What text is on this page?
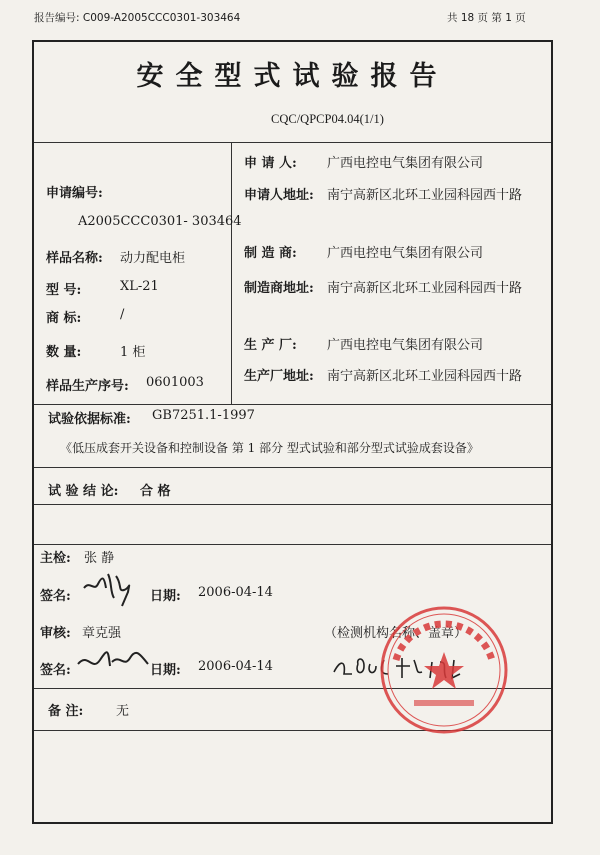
报告编号: C009-A2005CCC0301-303464	共 18 页 第 1 页
安全型式试验报告
CQC/QPCP04.04(1/1)
申请编号:
A2005CCC0301- 303464
样品名称: 动力配电柜
型 号:	XL-21
商 标:	/
数 量:	1 柜
样品生产序号: 0601003
申 请 人: 广西电控电气集团有限公司
申请人地址: 南宁高新区北环工业园科园西十路
制 造 商: 广西电控电气集团有限公司
制造商地址: 南宁高新区北环工业园科园西十路
生 产 厂: 广西电控电气集团有限公司
生产厂地址: 南宁高新区北环工业园科园西十路
试验依据标准: GB7251.1-1997
《低压成套开关设备和控制设备 第 1 部分 型式试验和部分型式试验成套设备》
试 验 结 论: 合 格
主检: 张 静
签名:	日期: 2006-04-14
审核: 章克强	（检测机构名称、盖章）
签名:	日期: 2006-04-14
备 注:	无
